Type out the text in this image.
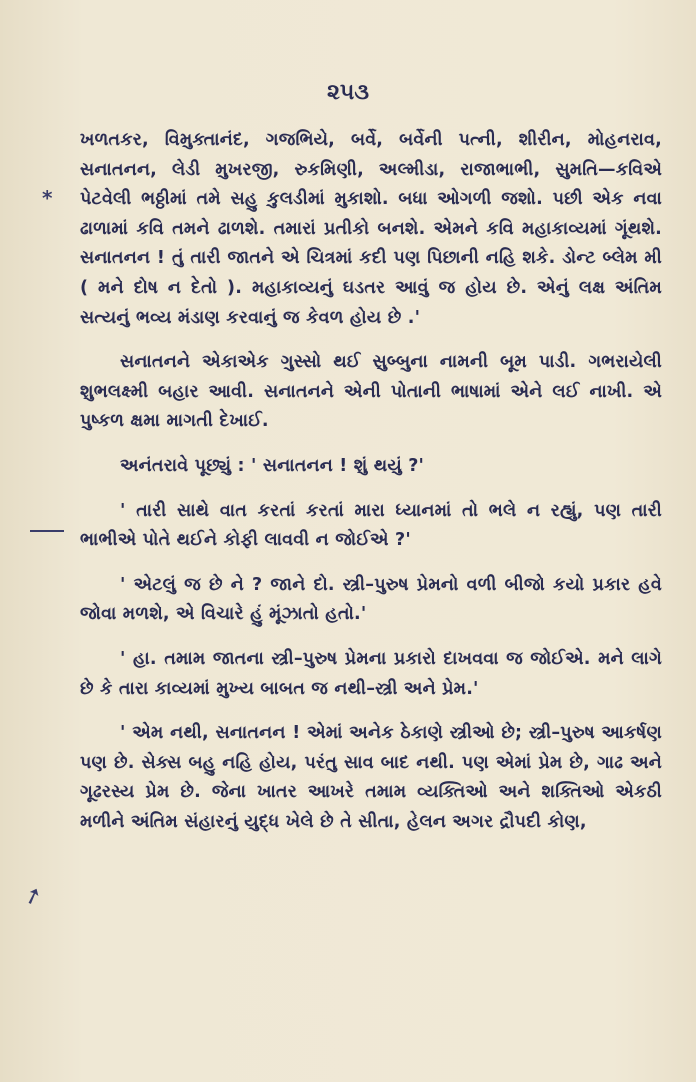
૨૫૩
*
➚

ખળતકર, વિમુક્તાનંદ, ગજભિયે, બર્વે, બર્વેની પત્ની, શીરીન, મોહનરાવ, સનાતનન, લેડી મુખરજી, રુકમિણી, અલ્મીડા, રાજાભાભી, સુમતિ—કવિએ પેટવેલી ભઠ્ઠીમાં તમે સહુ કુલડીમાં મુકાશો. બધા ઓગળી જશો. પછી એક નવા ઢાળામાં કવિ તમને ઢાળશે. તમારાં પ્રતીકો બનશે. એમને કવિ મહાકાવ્યમાં ગૂંથશે. સનાતનન ! તું તારી જાતને એ ચિત્રમાં કદી પણ પિછાની નહિ શકે. ડોન્ટ બ્લેમ મી ( મને દોષ ન દેતો ). મહાકાવ્યનું ઘડતર આવું જ હોય છે. એનું લક્ષ અંતિમ સત્યનું ભવ્ય મંડાણ કરવાનું જ કેવળ હોય છે .'

સનાતનને એકાએક ગુસ્સો થઈ સુબ્બુના નામની બૂમ પાડી. ગભરાયેલી શુભલક્ષ્મી બહાર આવી. સનાતનને એની પોતાની ભાષામાં એને લઈ નાખી. એ પુષ્કળ ક્ષમા માગતી દેખાઈ.

અનંતરાવે પૂછ્યું : ' સનાતનન ! શું થયું ?'

' તારી સાથે વાત કરતાં કરતાં મારા ધ્યાનમાં તો ભલે ન રહ્યું, પણ તારી ભાભીએ પોતે થઈને કોફી લાવવી ન જોઈએ ?'

' એટલું જ છે ને ? જાને દો. સ્ત્રી–પુરુષ પ્રેમનો વળી બીજો કયો પ્રકાર હવે જોવા મળશે, એ વિચારે હું મૂંઝાતો હતો.'

' હા. તમામ જાતના સ્ત્રી–પુરુષ પ્રેમના પ્રકારો દાખવવા જ જોઈએ. મને લાગે છે કે તારા કાવ્યમાં મુખ્ય બાબત જ નથી–સ્ત્રી અને પ્રેમ.'

' એમ નથી, સનાતનન ! એમાં અનેક ઠેકાણે સ્ત્રીઓ છે; સ્ત્રી–પુરુષ આકર્ષણ પણ છે. સેક્સ બહુ નહિ હોય, પરંતુ સાવ બાદ નથી. પણ એમાં પ્રેમ છે, ગાઢ અને ગૂઢરસ્ય પ્રેમ છે. જેના ખાતર આખરે તમામ વ્યક્તિઓ અને શક્તિઓ એકઠી મળીને અંતિમ સંહારનું યુદ્ધ ખેલે છે તે સીતા, હેલન અગર દ્રૌપદી કોણ,
